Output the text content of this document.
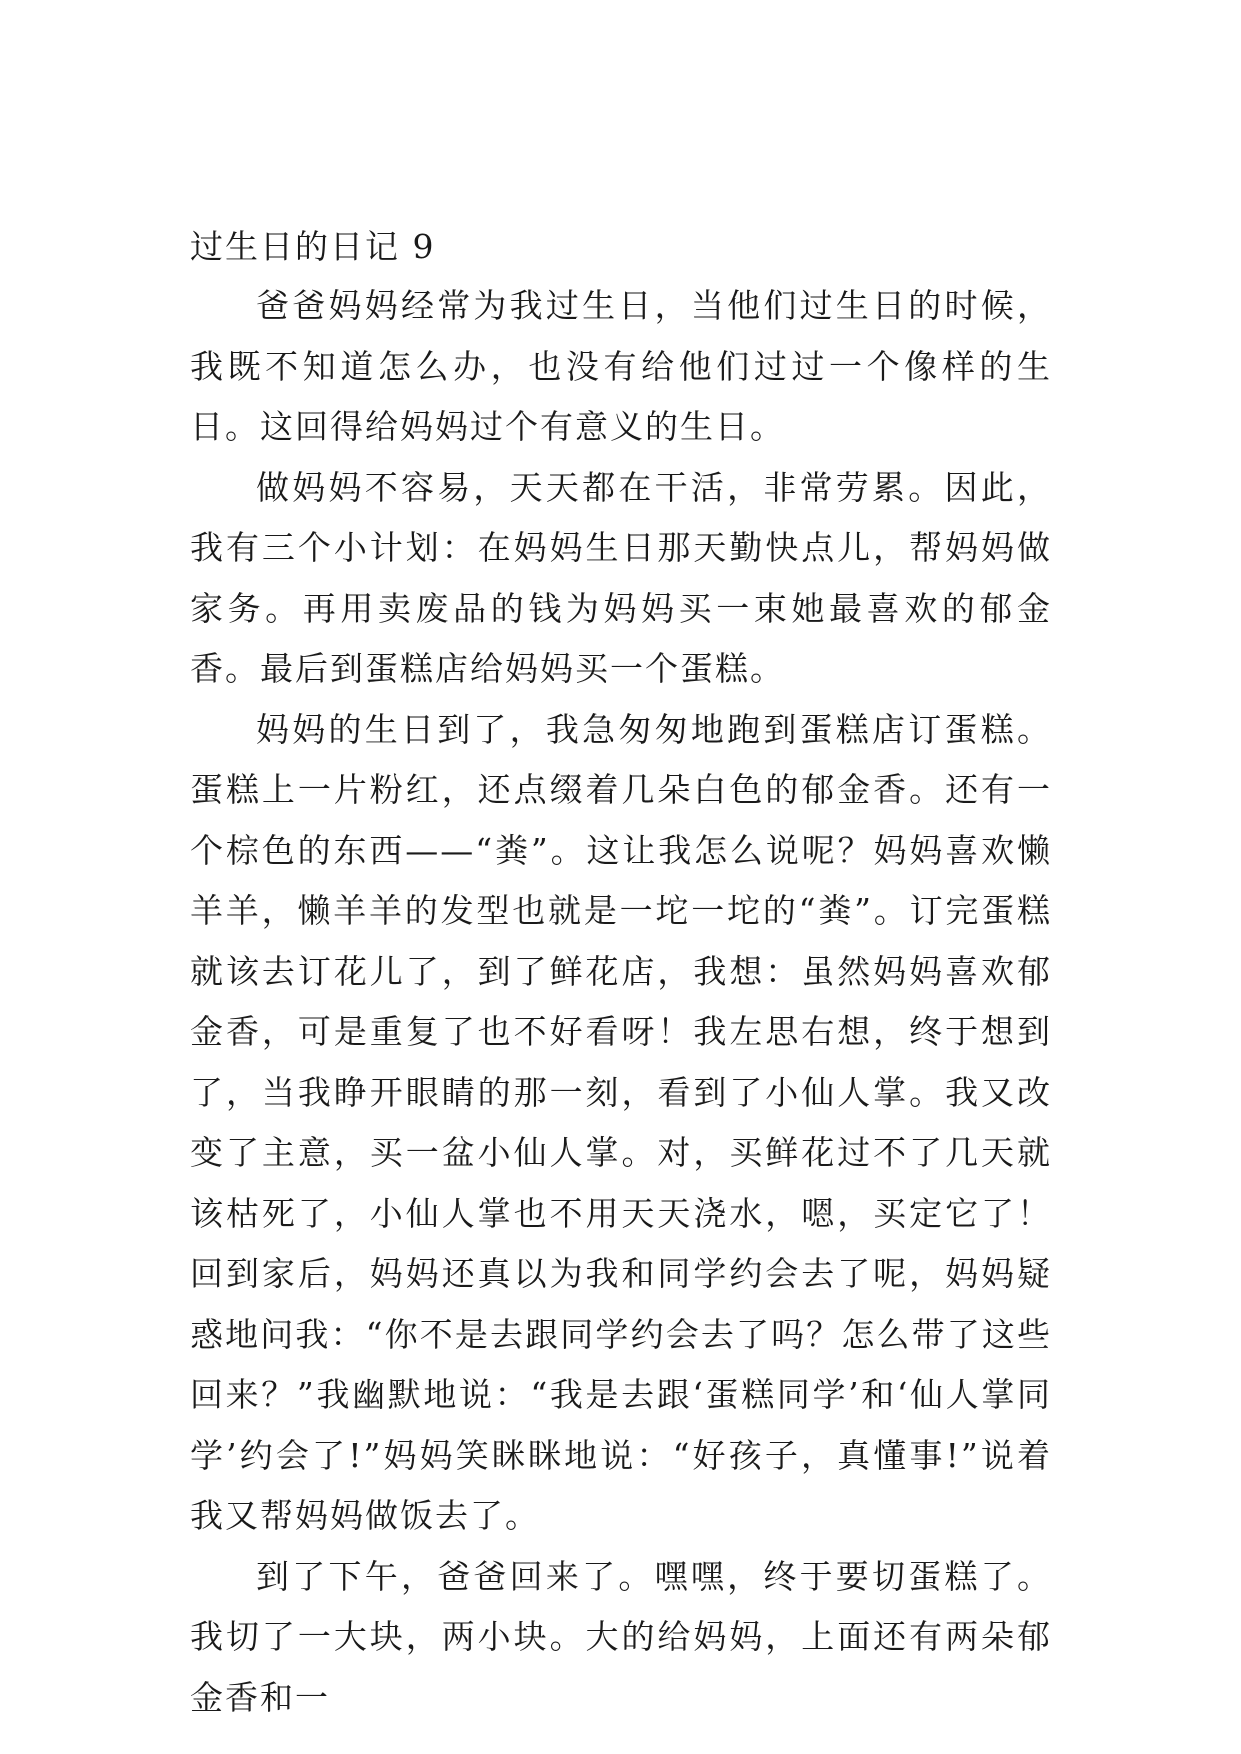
过生日的日记 9

爸爸妈妈经常为我过生日，当他们过生日的时候，我既不知道怎么办，也没有给他们过过一个像样的生日。这回得给妈妈过个有意义的生日。

做妈妈不容易，天天都在干活，非常劳累。因此，我有三个小计划：在妈妈生日那天勤快点儿，帮妈妈做家务。再用卖废品的钱为妈妈买一束她最喜欢的郁金香。最后到蛋糕店给妈妈买一个蛋糕。

妈妈的生日到了，我急匆匆地跑到蛋糕店订蛋糕。蛋糕上一片粉红，还点缀着几朵白色的郁金香。还有一个棕色的东西——“粪”。这让我怎么说呢？妈妈喜欢懒羊羊，懒羊羊的发型也就是一坨一坨的“粪”。订完蛋糕就该去订花儿了，到了鲜花店，我想：虽然妈妈喜欢郁金香，可是重复了也不好看呀！我左思右想，终于想到了，当我睁开眼睛的那一刻，看到了小仙人掌。我又改变了主意，买一盆小仙人掌。对，买鲜花过不了几天就该枯死了，小仙人掌也不用天天浇水，嗯，买定它了！回到家后，妈妈还真以为我和同学约会去了呢，妈妈疑惑地问我：“你不是去跟同学约会去了吗？怎么带了这些回来？”我幽默地说：“我是去跟‘蛋糕同学’和‘仙人掌同学’约会了!”妈妈笑眯眯地说：“好孩子，真懂事!”说着我又帮妈妈做饭去了。

到了下午，爸爸回来了。嘿嘿，终于要切蛋糕了。我切了一大块，两小块。大的给妈妈，上面还有两朵郁金香和一
